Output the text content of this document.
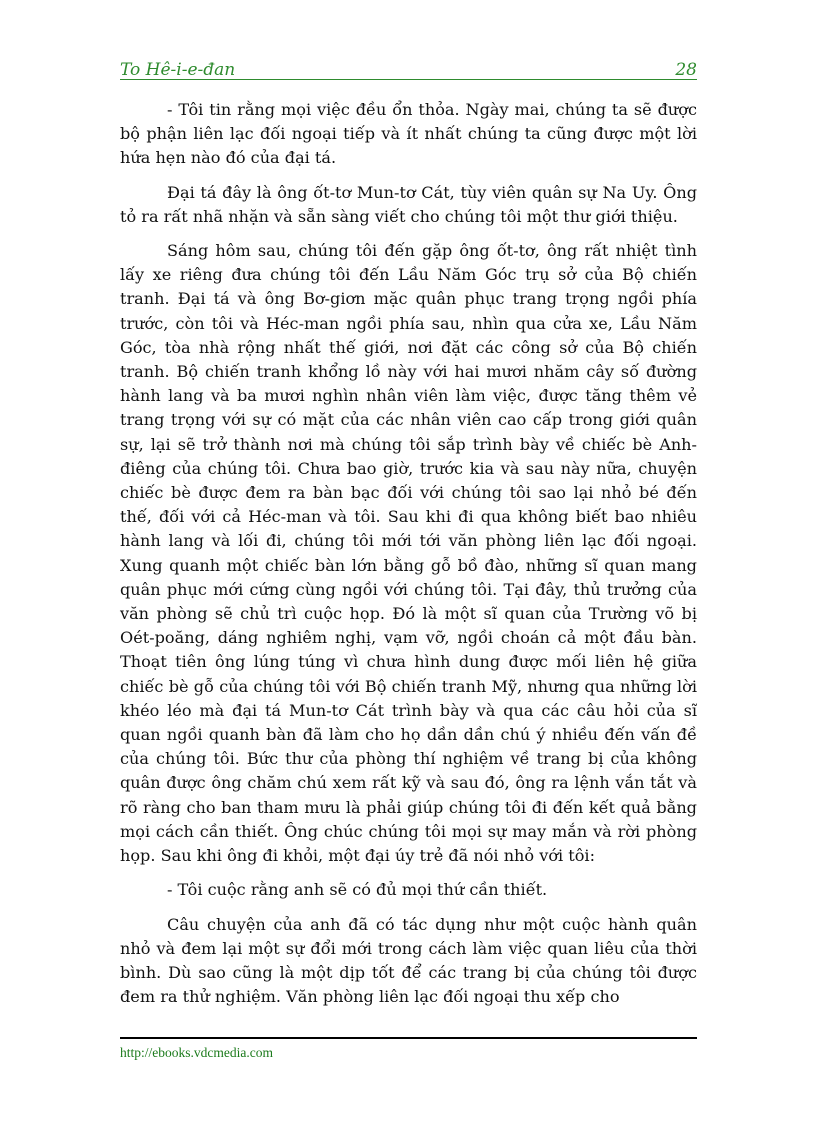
To Hê-i-e-đan	28

- Tôi tin rằng mọi việc đều ổn thỏa. Ngày mai, chúng ta sẽ được bộ phận liên lạc đối ngoại tiếp và ít nhất chúng ta cũng được một lời hứa hẹn nào đó của đại tá.

Đại tá đây là ông ốt-tơ Mun-tơ Cát, tùy viên quân sự Na Uy. Ông tỏ ra rất nhã nhặn và sẵn sàng viết cho chúng tôi một thư giới thiệu.

Sáng hôm sau, chúng tôi đến gặp ông ốt-tơ, ông rất nhiệt tình lấy xe riêng đưa chúng tôi đến Lầu Năm Góc trụ sở của Bộ chiến tranh. Đại tá và ông Bơ-giơn mặc quân phục trang trọng ngồi phía trước, còn tôi và Héc-man ngồi phía sau, nhìn qua cửa xe, Lầu Năm Góc, tòa nhà rộng nhất thế giới, nơi đặt các công sở của Bộ chiến tranh. Bộ chiến tranh khổng lồ này với hai mươi nhăm cây số đường hành lang và ba mươi nghìn nhân viên làm việc, được tăng thêm vẻ trang trọng với sự có mặt của các nhân viên cao cấp trong giới quân sự, lại sẽ trở thành nơi mà chúng tôi sắp trình bày về chiếc bè Anh-điêng của chúng tôi. Chưa bao giờ, trước kia và sau này nữa, chuyện chiếc bè được đem ra bàn bạc đối với chúng tôi sao lại nhỏ bé đến thế, đối với cả Héc-man và tôi. Sau khi đi qua không biết bao nhiêu hành lang và lối đi, chúng tôi mới tới văn phòng liên lạc đối ngoại. Xung quanh một chiếc bàn lớn bằng gỗ bồ đào, những sĩ quan mang quân phục mới cứng cùng ngồi với chúng tôi. Tại đây, thủ trưởng của văn phòng sẽ chủ trì cuộc họp. Đó là một sĩ quan của Trường võ bị Oét-poăng, dáng nghiêm nghị, vạm vỡ, ngồi choán cả một đầu bàn. Thoạt tiên ông lúng túng vì chưa hình dung được mối liên hệ giữa chiếc bè gỗ của chúng tôi với Bộ chiến tranh Mỹ, nhưng qua những lời khéo léo mà đại tá Mun-tơ Cát trình bày và qua các câu hỏi của sĩ quan ngồi quanh bàn đã làm cho họ dần dần chú ý nhiều đến vấn đề của chúng tôi. Bức thư của phòng thí nghiệm về trang bị của không quân được ông chăm chú xem rất kỹ và sau đó, ông ra lệnh vắn tắt và rõ ràng cho ban tham mưu là phải giúp chúng tôi đi đến kết quả bằng mọi cách cần thiết. Ông chúc chúng tôi mọi sự may mắn và rời phòng họp. Sau khi ông đi khỏi, một đại úy trẻ đã nói nhỏ với tôi:

- Tôi cuộc rằng anh sẽ có đủ mọi thứ cần thiết.

Câu chuyện của anh đã có tác dụng như một cuộc hành quân nhỏ và đem lại một sự đổi mới trong cách làm việc quan liêu của thời bình. Dù sao cũng là một dịp tốt để các trang bị của chúng tôi được đem ra thử nghiệm. Văn phòng liên lạc đối ngoại thu xếp cho

http://ebooks.vdcmedia.com
